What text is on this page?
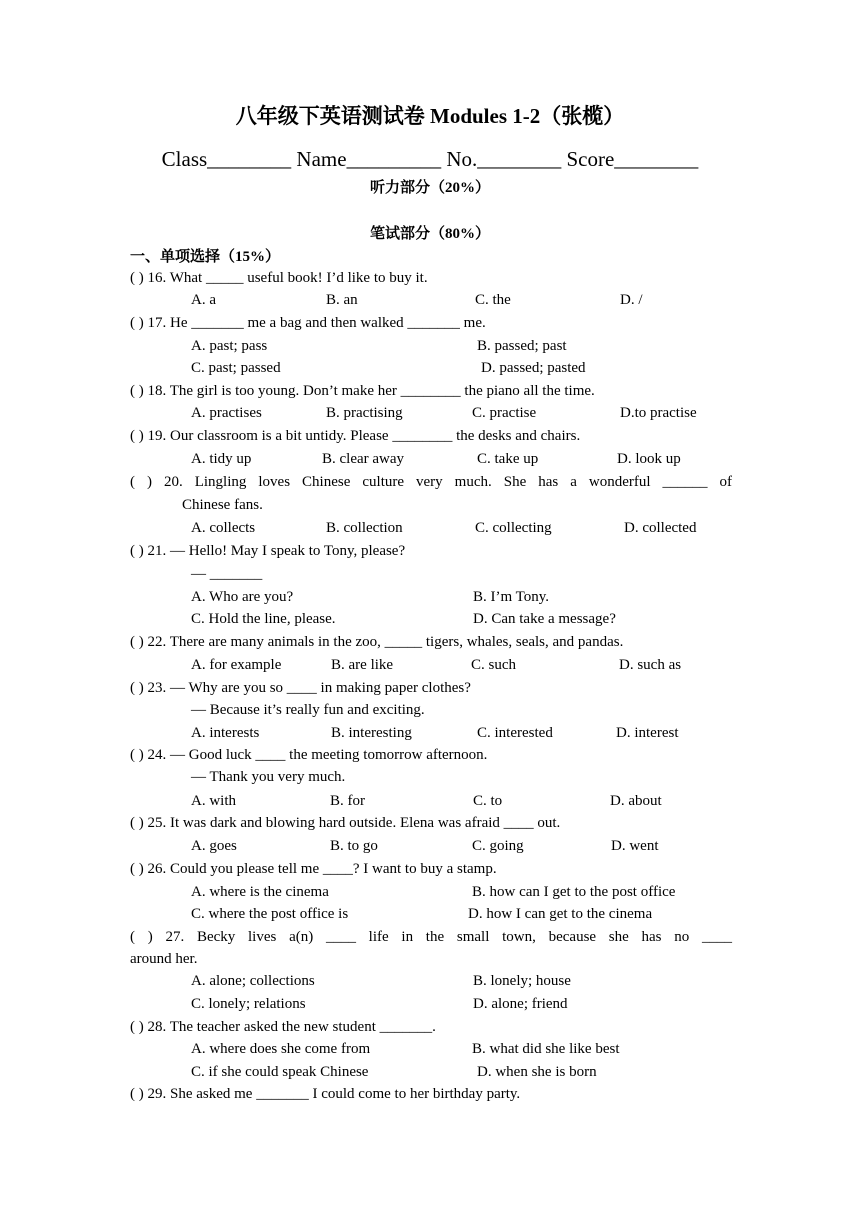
八年级下英语测试卷 Modules 1-2（张榄）
Class________ Name_________ No.________ Score________
听力部分（20%）
笔试部分（80%）
一、单项选择（15%）
( ) 16. What _____ useful book! I’d like to buy it.
A. a	B. an	C. the	D. /
( ) 17. He _______ me a bag and then walked _______ me.
A. past; pass	B. passed; past
C. past; passed	D. passed; pasted
( ) 18. The girl is too young. Don’t make her ________ the piano all the time.
A. practises	B. practising	C. practise	D.to practise
( ) 19. Our classroom is a bit untidy. Please ________ the desks and chairs.
A. tidy up	B. clear away	C. take up	D. look up
( ) 20. Lingling loves Chinese culture very much. She has a wonderful ______ of
Chinese fans.
A. collects	B. collection	C. collecting	D. collected
( ) 21. — Hello! May I speak to Tony, please?
— _______
A. Who are you?	B. I’m Tony.
C. Hold the line, please.	D. Can take a message?
( ) 22. There are many animals in the zoo, _____ tigers, whales, seals, and pandas.
A. for example	B. are like	C. such	D. such as
( ) 23. — Why are you so ____ in making paper clothes?
— Because it’s really fun and exciting.
A. interests	B. interesting	C. interested	D. interest
( ) 24. — Good luck ____ the meeting tomorrow afternoon.
— Thank you very much.
A. with	B. for	C. to	D. about
( ) 25. It was dark and blowing hard outside. Elena was afraid ____ out.
A. goes	B. to go	C. going	D. went
( ) 26. Could you please tell me ____? I want to buy a stamp.
A. where is the cinema	B. how can I get to the post office
C. where the post office is	D. how I can get to the cinema
( ) 27. Becky lives a(n) ____ life in the small town, because she has no ____
around her.
A. alone; collections	B. lonely; house
C. lonely; relations	D. alone; friend
( ) 28. The teacher asked the new student _______.
A. where does she come from	B. what did she like best
C. if she could speak Chinese	D. when she is born
( ) 29. She asked me _______ I could come to her birthday party.
